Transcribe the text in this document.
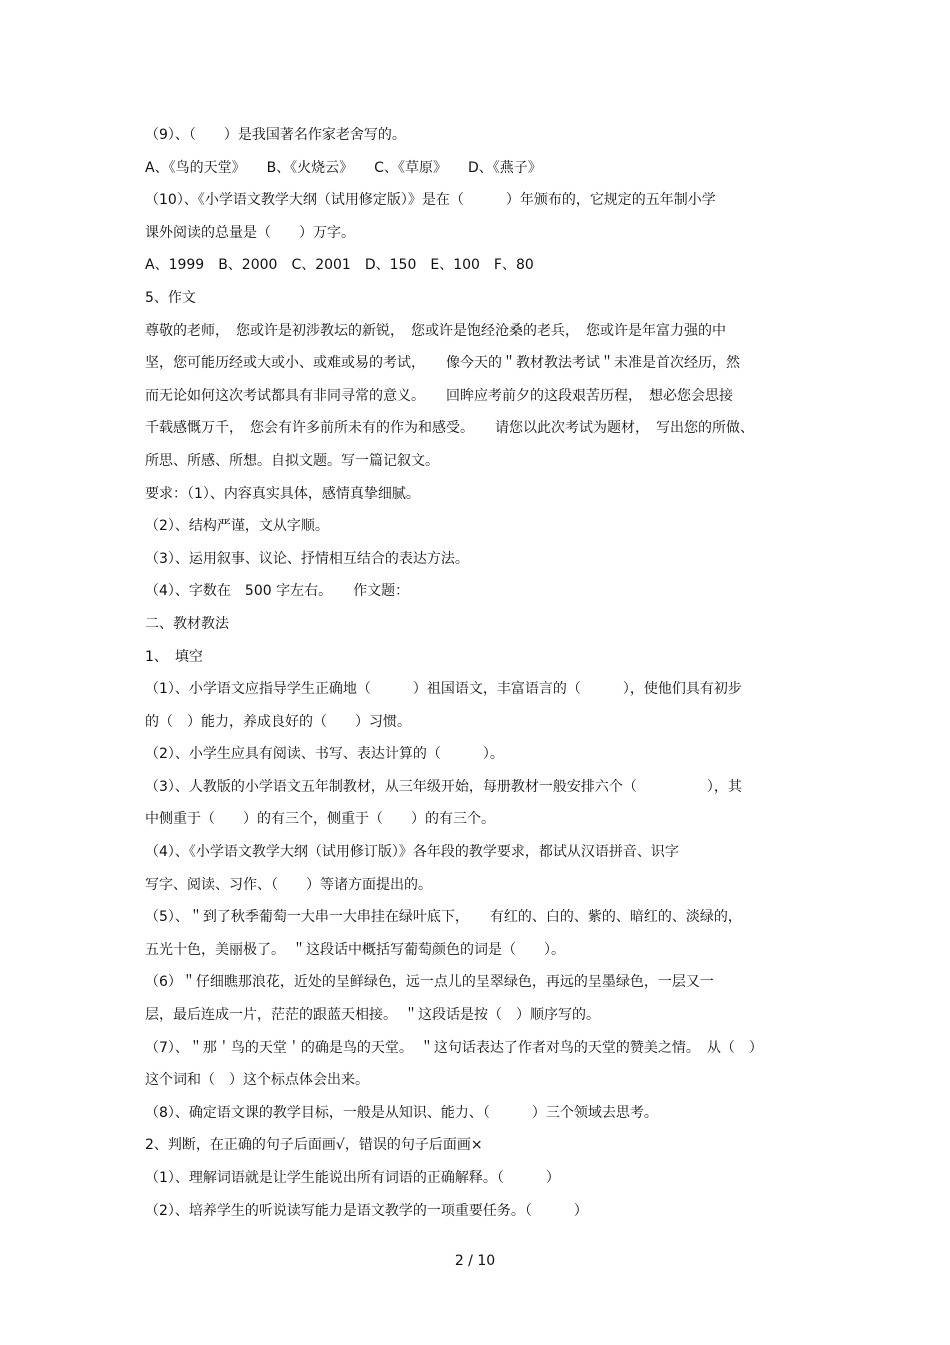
（9）、（　　）是我国著名作家老舍写的。
A、《鸟的天堂》　　B、《火烧云》　　C、《草原》　　D、《燕子》
（10）、《小学语文教学大纲（试用修定版）》是在（　　　）年颁布的，它规定的五年制小学
课外阅读的总量是（　　）万字。
A、1999　B、2000　C、2001　D、150　E、100　F、80
5、作文
尊敬的老师，　您或许是初涉教坛的新锐，　您或许是饱经沧桑的老兵，　您或许是年富力强的中
坚，您可能历经或大或小、或难或易的考试，　　像今天的＂教材教法考试＂未准是首次经历，然
而无论如何这次考试都具有非同寻常的意义。　　回眸应考前夕的这段艰苦历程，　想必您会思接
千载感慨万千，　您会有许多前所未有的作为和感受。　　请您以此次考试为题材，　写出您的所做、
所思、所感、所想。自拟文题。写一篇记叙文。
要求：（1）、内容真实具体，感情真挚细腻。
（2）、结构严谨，文从字顺。
（3）、运用叙事、议论、抒情相互结合的表达方法。
（4）、字数在　500 字左右。　　作文题：
二、教材教法
1、　填空
（1）、小学语文应指导学生正确地（　　　）祖国语文，丰富语言的（　　　），使他们具有初步
的（　）能力，养成良好的（　　）习惯。
（2）、小学生应具有阅读、书写、表达计算的（　　　）。
（3）、人教版的小学语文五年制教材，从三年级开始，每册教材一般安排六个（　　　　　），其
中侧重于（　　）的有三个，侧重于（　　）的有三个。
（4）、《小学语文教学大纲（试用修订版）》各年段的教学要求，都试从汉语拼音、识字
写字、阅读、习作、（　　）等诸方面提出的。
（5）、＂到了秋季葡萄一大串一大串挂在绿叶底下，　　有红的、白的、紫的、暗红的、淡绿的，
五光十色，美丽极了。　＂这段话中概括写葡萄颜色的词是（　　）。
（6）＂仔细瞧那浪花，近处的呈鲜绿色，远一点儿的呈翠绿色，再远的呈墨绿色，一层又一
层，最后连成一片，茫茫的跟蓝天相接。　＂这段话是按（　）顺序写的。
（7）、＂那＇鸟的天堂＇的确是鸟的天堂。　＂这句话表达了作者对鸟的天堂的赞美之情。　从（　）
这个词和（　）这个标点体会出来。
（8）、确定语文课的教学目标，一般是从知识、能力、（　　　）三个领域去思考。
2、判断，在正确的句子后面画√，错误的句子后面画×
（1）、理解词语就是让学生能说出所有词语的正确解释。（　　　）
（2）、培养学生的听说读写能力是语文教学的一项重要任务。（　　　）
2 / 10
